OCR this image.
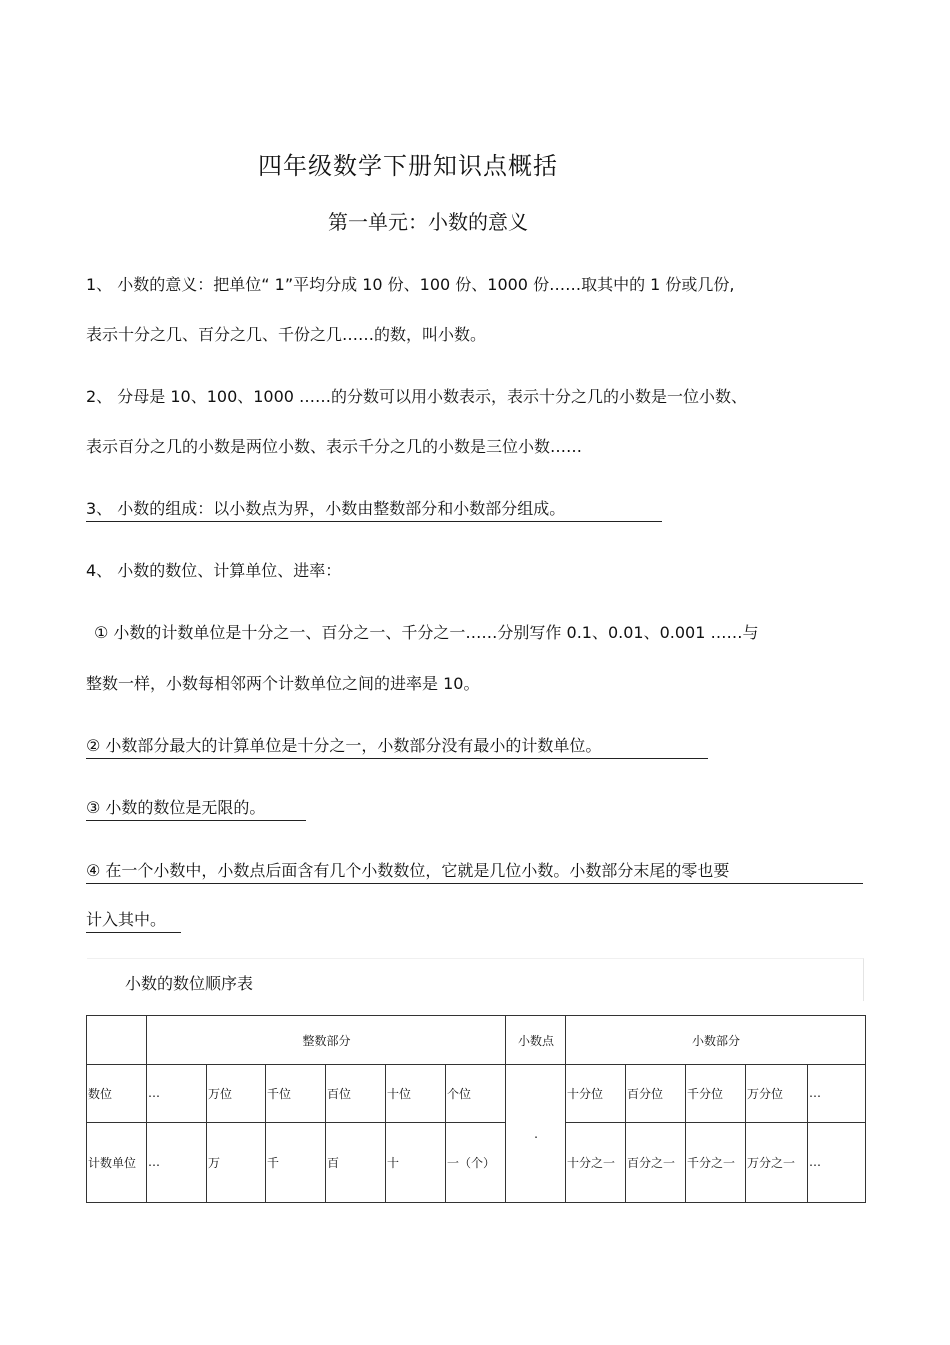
四年级数学下册知识点概括
第一单元：小数的意义
1、 小数的意义：把单位“ 1”平均分成 10 份、100 份、1000 份……取其中的 1 份或几份,
表示十分之几、百分之几、千份之几……的数，叫小数。
2、 分母是 10、100、1000 ……的分数可以用小数表示，表示十分之几的小数是一位小数、
表示百分之几的小数是两位小数、表示千分之几的小数是三位小数……
3、 小数的组成：以小数点为界，小数由整数部分和小数部分组成。
4、 小数的数位、计算单位、进率：
① 小数的计数单位是十分之一、百分之一、千分之一……分别写作 0.1、0.01、0.001 ……与
整数一样，小数每相邻两个计数单位之间的进率是 10。
② 小数部分最大的计算单位是十分之一，小数部分没有最小的计数单位。
③ 小数的数位是无限的。
④ 在一个小数中，小数点后面含有几个小数数位，它就是几位小数。小数部分末尾的零也要
计入其中。
小数的数位顺序表
	整数部分						小数点	小数部分				
数位	…	万位	千位	百位	十位	个位	.	十分位	百分位	千分位	万分位	…
计数单位	…	万	千	百	十	一（个）		十分之一	百分之一	千分之一	万分之一	…
